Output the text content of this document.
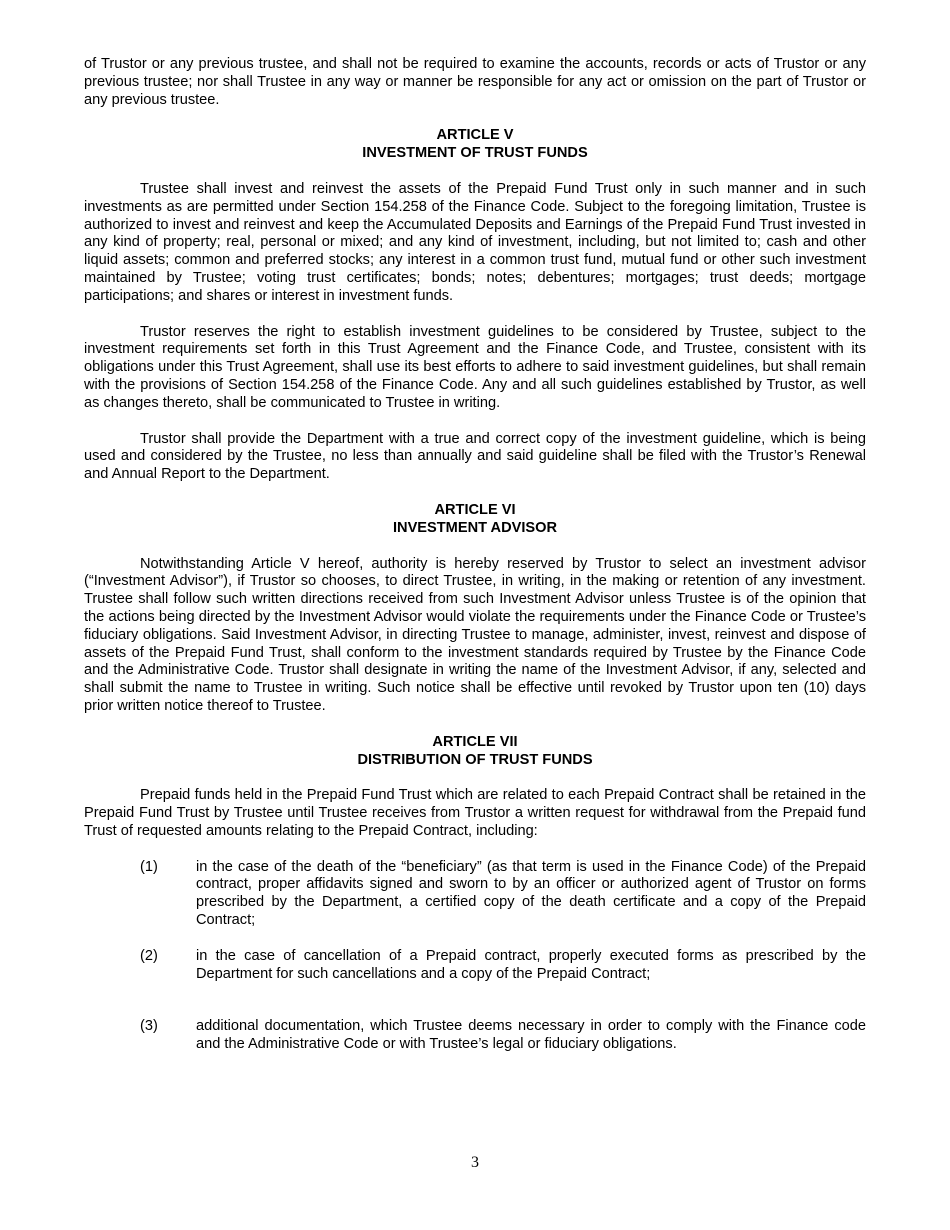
of Trustor or any previous trustee, and shall not be required to examine the accounts, records or acts of Trustor or any previous trustee; nor shall Trustee in any way or manner be responsible for any act or omission on the part of Trustor or any previous trustee.

ARTICLE V
INVESTMENT OF TRUST FUNDS

Trustee shall invest and reinvest the assets of the Prepaid Fund Trust only in such manner and in such investments as are permitted under Section 154.258 of the Finance Code. Subject to the foregoing limitation, Trustee is authorized to invest and reinvest and keep the Accumulated Deposits and Earnings of the Prepaid Fund Trust invested in any kind of property; real, personal or mixed; and any kind of investment, including, but not limited to; cash and other liquid assets; common and preferred stocks; any interest in a common trust fund, mutual fund or other such investment maintained by Trustee; voting trust certificates; bonds; notes; debentures; mortgages; trust deeds; mortgage participations; and shares or interest in investment funds.

Trustor reserves the right to establish investment guidelines to be considered by Trustee, subject to the investment requirements set forth in this Trust Agreement and the Finance Code, and Trustee, consistent with its obligations under this Trust Agreement, shall use its best efforts to adhere to said investment guidelines, but shall remain with the provisions of Section 154.258 of the Finance Code. Any and all such guidelines established by Trustor, as well as changes thereto, shall be communicated to Trustee in writing.

Trustor shall provide the Department with a true and correct copy of the investment guideline, which is being used and considered by the Trustee, no less than annually and said guideline shall be filed with the Trustor’s Renewal and Annual Report to the Department.

ARTICLE VI
INVESTMENT ADVISOR

Notwithstanding Article V hereof, authority is hereby reserved by Trustor to select an investment advisor (“Investment Advisor”), if Trustor so chooses, to direct Trustee, in writing, in the making or retention of any investment. Trustee shall follow such written directions received from such Investment Advisor unless Trustee is of the opinion that the actions being directed by the Investment Advisor would violate the requirements under the Finance Code or Trustee’s fiduciary obligations. Said Investment Advisor, in directing Trustee to manage, administer, invest, reinvest and dispose of assets of the Prepaid Fund Trust, shall conform to the investment standards required by Trustee by the Finance Code and the Administrative Code. Trustor shall designate in writing the name of the Investment Advisor, if any, selected and shall submit the name to Trustee in writing. Such notice shall be effective until revoked by Trustor upon ten (10) days prior written notice thereof to Trustee.

ARTICLE VII
DISTRIBUTION OF TRUST FUNDS

Prepaid funds held in the Prepaid Fund Trust which are related to each Prepaid Contract shall be retained in the Prepaid Fund Trust by Trustee until Trustee receives from Trustor a written request for withdrawal from the Prepaid fund Trust of requested amounts relating to the Prepaid Contract, including:

(1)	in the case of the death of the “beneficiary” (as that term is used in the Finance Code) of the Prepaid contract, proper affidavits signed and sworn to by an officer or authorized agent of Trustor on forms prescribed by the Department, a certified copy of the death certificate and a copy of the Prepaid Contract;
(2)	in the case of cancellation of a Prepaid contract, properly executed forms as prescribed by the Department for such cancellations and a copy of the Prepaid Contract;
(3)	additional documentation, which Trustee deems necessary in order to comply with the Finance code and the Administrative Code or with Trustee’s legal or fiduciary obligations.
3
